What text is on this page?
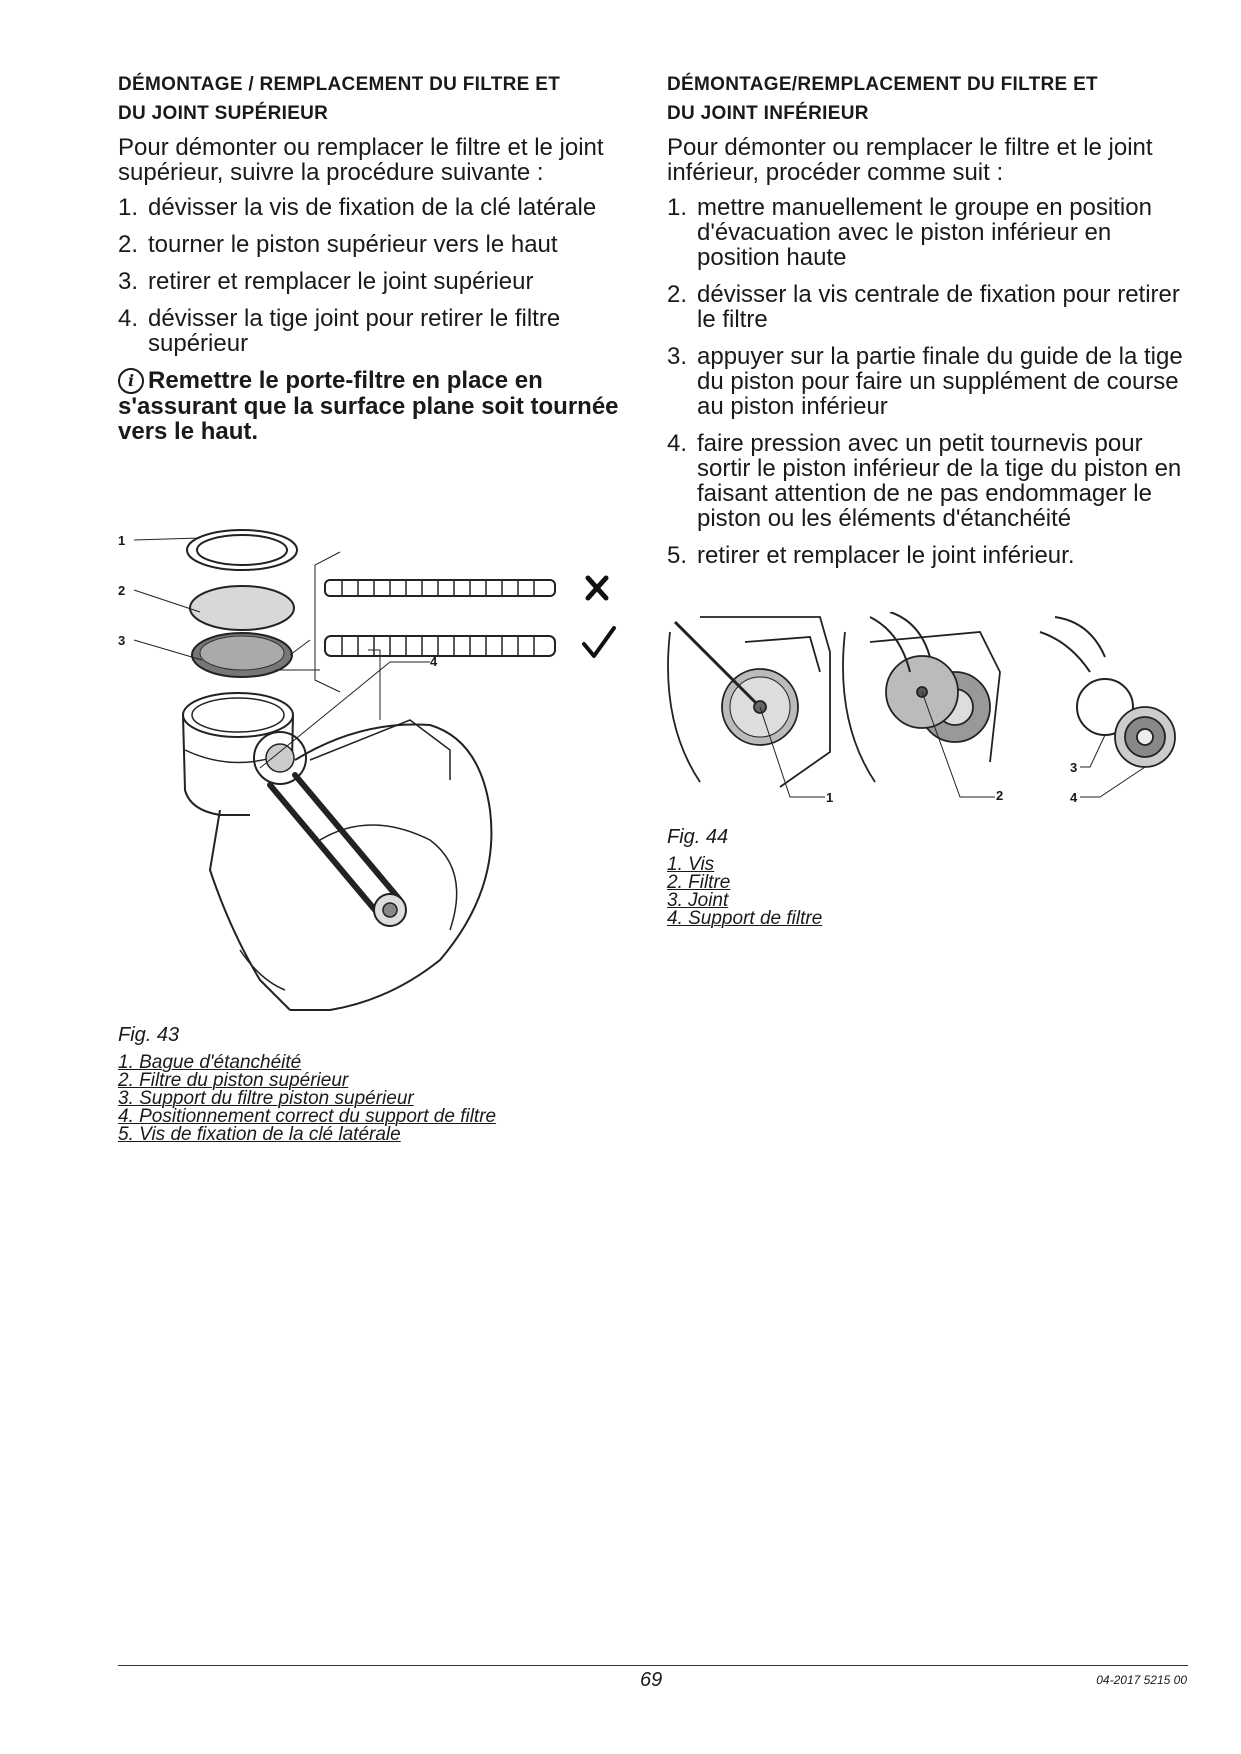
DÉMONTAGE / REMPLACEMENT DU FILTRE ET
DU JOINT SUPÉRIEUR

Pour démonter ou remplacer le filtre et le joint supérieur, suivre la procédure suivante :

1. dévisser la vis de fixation de la clé latérale
2. tourner le piston supérieur vers le haut
3. retirer et remplacer le joint supérieur
4. dévisser la tige joint pour retirer le filtre supérieur
i Remettre le porte-filtre en place en s'assurant que la surface plane soit tournée vers le haut.
DÉMONTAGE/REMPLACEMENT DU FILTRE ET
DU JOINT INFÉRIEUR

Pour démonter ou remplacer le filtre et le joint inférieur, procéder comme suit :

1. mettre manuellement le groupe en position d'évacuation avec le piston inférieur en position haute
2. dévisser la vis centrale de fixation pour retirer le filtre
3. appuyer sur la partie finale du guide de la tige du piston pour faire un supplément de course au piston inférieur
4. faire pression avec un petit tournevis pour sortir le piston inférieur de la tige du piston en faisant attention de ne pas endommager le piston ou les éléments d'étanchéité
5. retirer et remplacer le joint inférieur.
1
2
3
4
Fig. 43
1. Bague d'étanchéité
2. Filtre du piston supérieur
3. Support du filtre piston supérieur
4. Positionnement correct du support de filtre
5. Vis de fixation de la clé latérale
1	2
3
4
Fig. 44
1. Vis
2. Filtre
3. Joint
4. Support de filtre
69	04-2017 5215 00
